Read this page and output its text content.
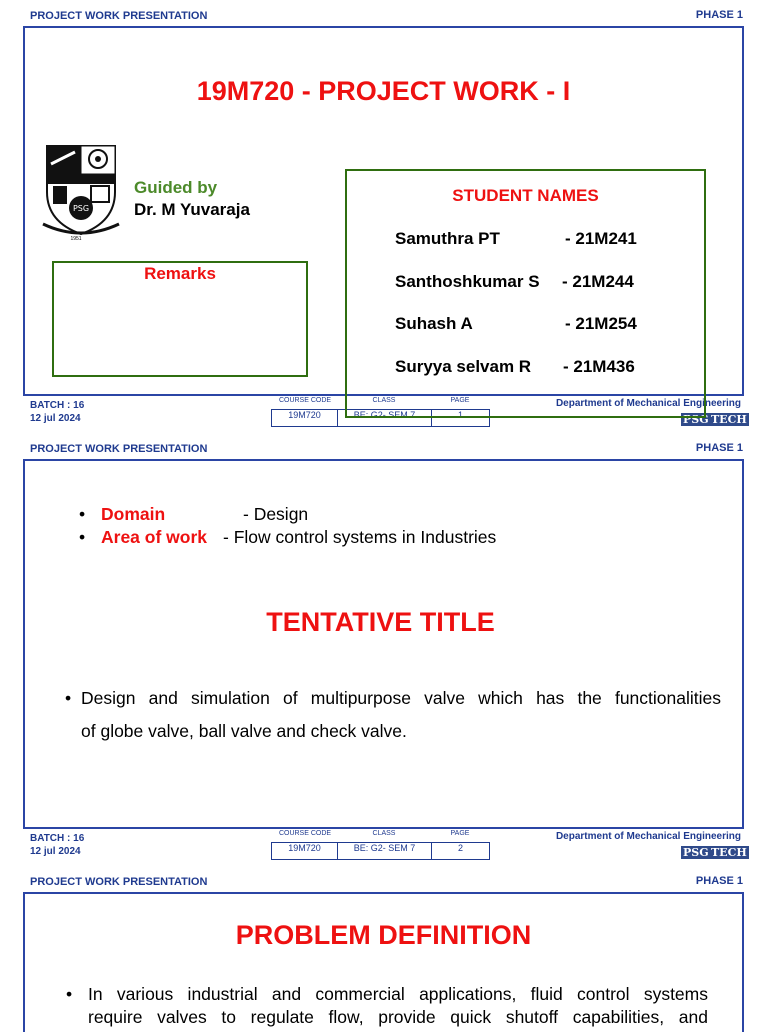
PROJECT WORK PRESENTATION	PHASE 1
19M720 - PROJECT WORK - I
PSG
1951
Guided by
Dr. M Yuvaraja
Remarks
STUDENT NAMES
Samuthra PT	- 21M241
Santhoshkumar S - 21M244
Suhash A	- 21M254
Suryya selvam R - 21M436
BATCH : 16
12 jul 2024
COURSE CODE	CLASS	PAGE
19M720	BE: G2- SEM 7	1
Department of Mechanical Engineering
PSG TECH
PROJECT WORK PRESENTATION	PHASE 1
• Domain	- Design
• Area of work - Flow control systems in Industries
TENTATIVE TITLE
• Design and simulation of multipurpose valve which has the functionalities
of globe valve, ball valve and check valve.
BATCH : 16
12 jul 2024
COURSE CODE	CLASS	PAGE
19M720	BE: G2- SEM 7	2
Department of Mechanical Engineering
PSG TECH
PROJECT WORK PRESENTATION	PHASE 1
PROBLEM DEFINITION
• In various industrial and commercial applications, fluid control systems
require valves to regulate flow, provide quick shutoff capabilities, and
